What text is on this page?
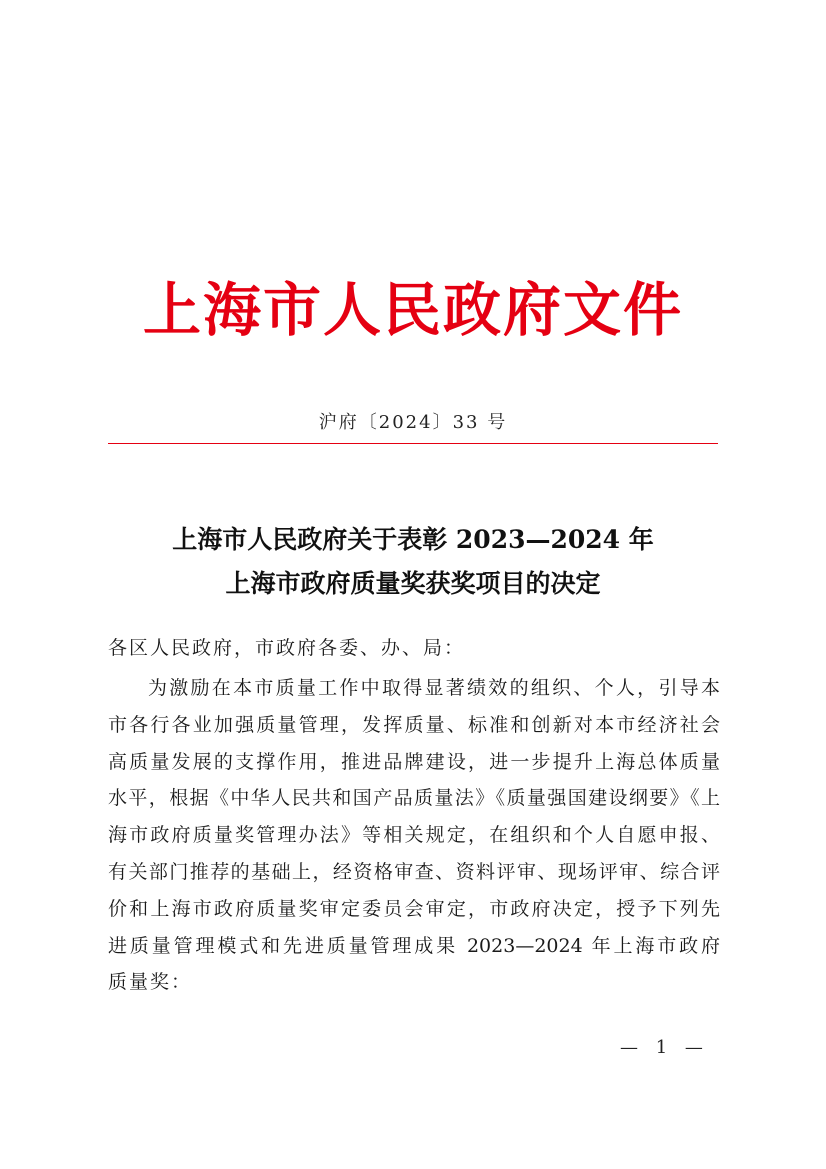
上海市人民政府文件
沪府〔2024〕33 号
上海市人民政府关于表彰 2023—2024 年
上海市政府质量奖获奖项目的决定
各区人民政府，市政府各委、办、局：
为激励在本市质量工作中取得显著绩效的组织、个人，引导本
市各行各业加强质量管理，发挥质量、标准和创新对本市经济社会
高质量发展的支撑作用，推进品牌建设，进一步提升上海总体质量
水平，根据《中华人民共和国产品质量法》《质量强国建设纲要》《上
海市政府质量奖管理办法》等相关规定，在组织和个人自愿申报、
有关部门推荐的基础上，经资格审查、资料评审、现场评审、综合评
价和上海市政府质量奖审定委员会审定，市政府决定，授予下列先
进质量管理模式和先进质量管理成果 2023—2024 年上海市政府
质量奖：
— 1 —
